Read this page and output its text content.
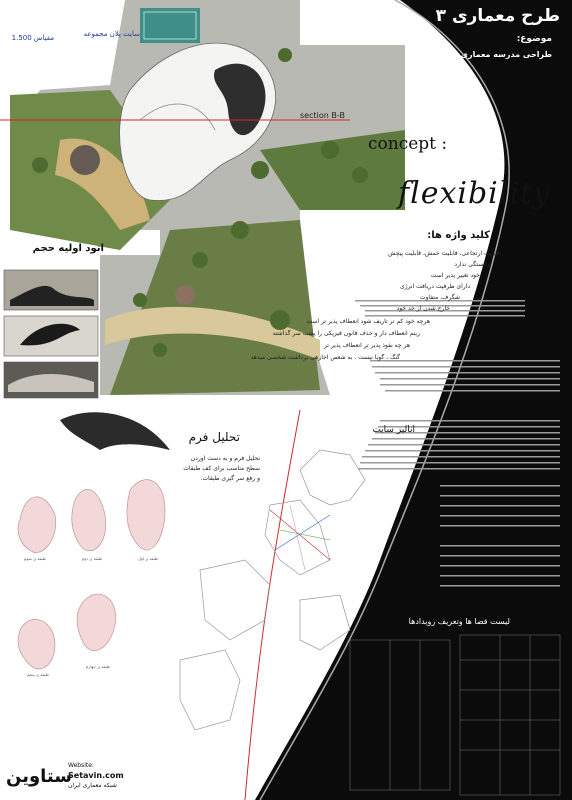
طرح معماری ۳
موضوع:
طراحی مدرسه معماری
سایت پلان مجموعه
مقیاس 1.500
section B-B
concept :
flexibility
کلید واژه ها:
قابلیت ارتجاعی، قابلیت خمش، قابلیت پیچش
وابستگی ندارد
خود تغییر پذیر است
دارای ظرفیت دریافت انرژی
شگرف، متفاوت
خارج شدن از حد خود
هرچه خود کم تر تاریف شود انعطاف پذیر تر است
ریتم انعطاف دار و حذف قانون فیزیکی را پشت سر گذاشته
هر چه نفوذ پذیر تر انعطاف پذیر تر
گنگ ، گویا نیست . به شعص اجازهی برداشت شخصی میدهد
اتود اولیه حجم
تحلیل فرم
تحلیل فرم و به دست اوردن
سطح مناسب برای کف طبقات
و رفع سر گیری طبقات.
طبقه ی سوم	طبقه ی دوم	طبقه ی اول
طبقه ی پنجم
طبقه ی چهارم
انالیز سایت
لیست فضا ها وتعریف رویدادها
ستاوین
Website:
Setavin.com
شبکه معماری ایران
